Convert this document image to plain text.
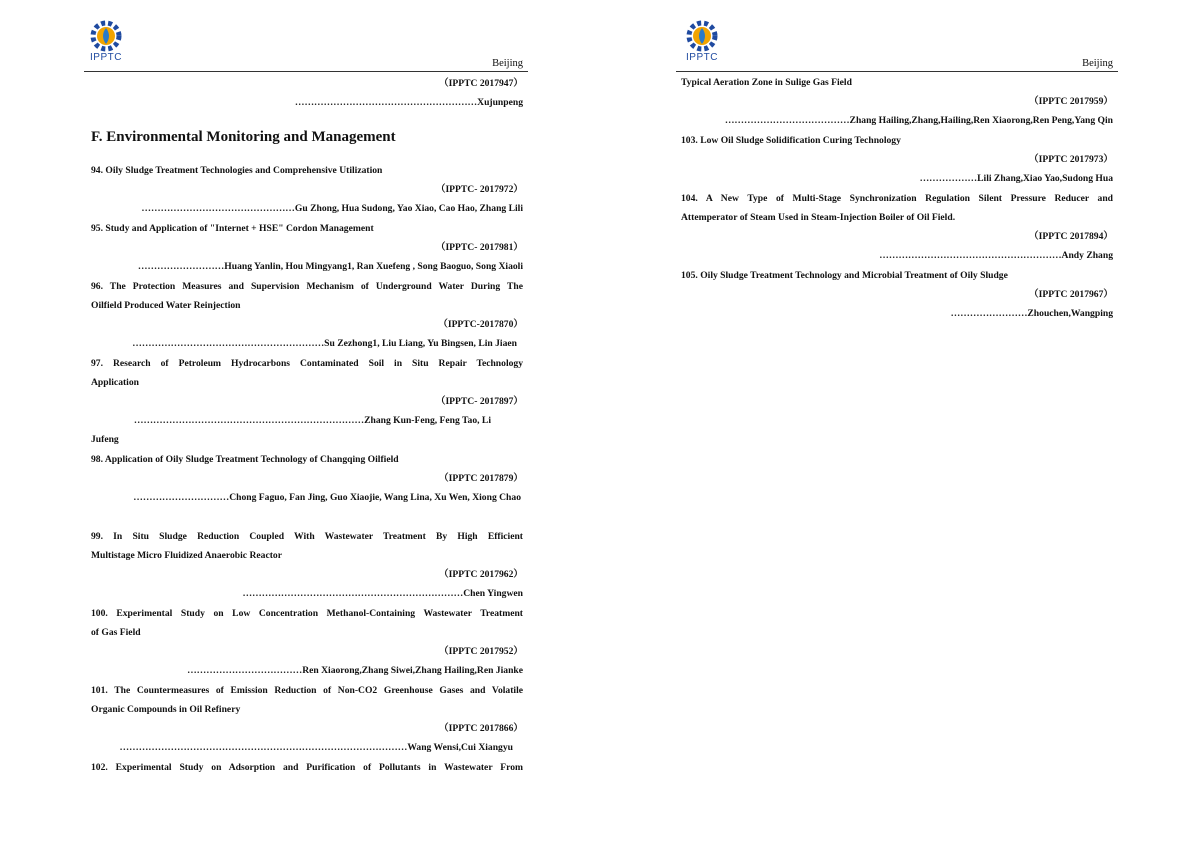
IPPTC
Beijing
（IPPTC 2017947）
…………………………………………………Xujunpeng
F. Environmental Monitoring and Management
94. Oily Sludge Treatment Technologies and Comprehensive Utilization
（IPPTC- 2017972）
…………………………………………Gu Zhong, Hua Sudong, Yao Xiao, Cao Hao, Zhang Lili
95. Study and Application of "Internet + HSE" Cordon Management
（IPPTC- 2017981）
………………………Huang Yanlin, Hou Mingyang1, Ran Xuefeng , Song Baoguo, Song Xiaoli
96. The Protection Measures and Supervision Mechanism of Underground Water During The
Oilfield Produced Water Reinjection
（IPPTC-2017870）
……………………………………………………Su Zezhong1, Liu Liang, Yu Bingsen, Lin Jiaen
97. Research of Petroleum Hydrocarbons Contaminated Soil in Situ Repair Technology
Application
（IPPTC- 2017897）
………………………………………………………………Zhang Kun-Feng, Feng Tao, Li
Jufeng
98. Application of Oily Sludge Treatment Technology of Changqing Oilfield
（IPPTC 2017879）
…………………………Chong Faguo, Fan Jing, Guo Xiaojie, Wang Lina, Xu Wen, Xiong Chao
99. In Situ Sludge Reduction Coupled With Wastewater Treatment By High Efficient
Multistage Micro Fluidized Anaerobic Reactor
（IPPTC 2017962）
……………………………………………………………Chen Yingwen
100. Experimental Study on Low Concentration Methanol-Containing Wastewater Treatment
of Gas Field
（IPPTC 2017952）
………………………………Ren Xiaorong,Zhang Siwei,Zhang Hailing,Ren Jianke
101. The Countermeasures of Emission Reduction of Non-CO2 Greenhouse Gases and Volatile
Organic Compounds in Oil Refinery
（IPPTC 2017866）
………………………………………………………………………………Wang Wensi,Cui Xiangyu
102. Experimental Study on Adsorption and Purification of Pollutants in Wastewater From
IPPTC
Beijing
Typical Aeration Zone in Sulige Gas Field
（IPPTC 2017959）
…………………………………Zhang Hailing,Zhang,Hailing,Ren Xiaorong,Ren Peng,Yang Qin
103. Low Oil Sludge Solidification Curing Technology
（IPPTC 2017973）
………………Lili Zhang,Xiao Yao,Sudong Hua
104. A New Type of Multi-Stage Synchronization Regulation Silent Pressure Reducer and
Attemperator of Steam Used in Steam-Injection Boiler of Oil Field.
（IPPTC 2017894）
…………………………………………………Andy Zhang
105. Oily Sludge Treatment Technology and Microbial Treatment of Oily Sludge
（IPPTC 2017967）
……………………Zhouchen,Wangping
